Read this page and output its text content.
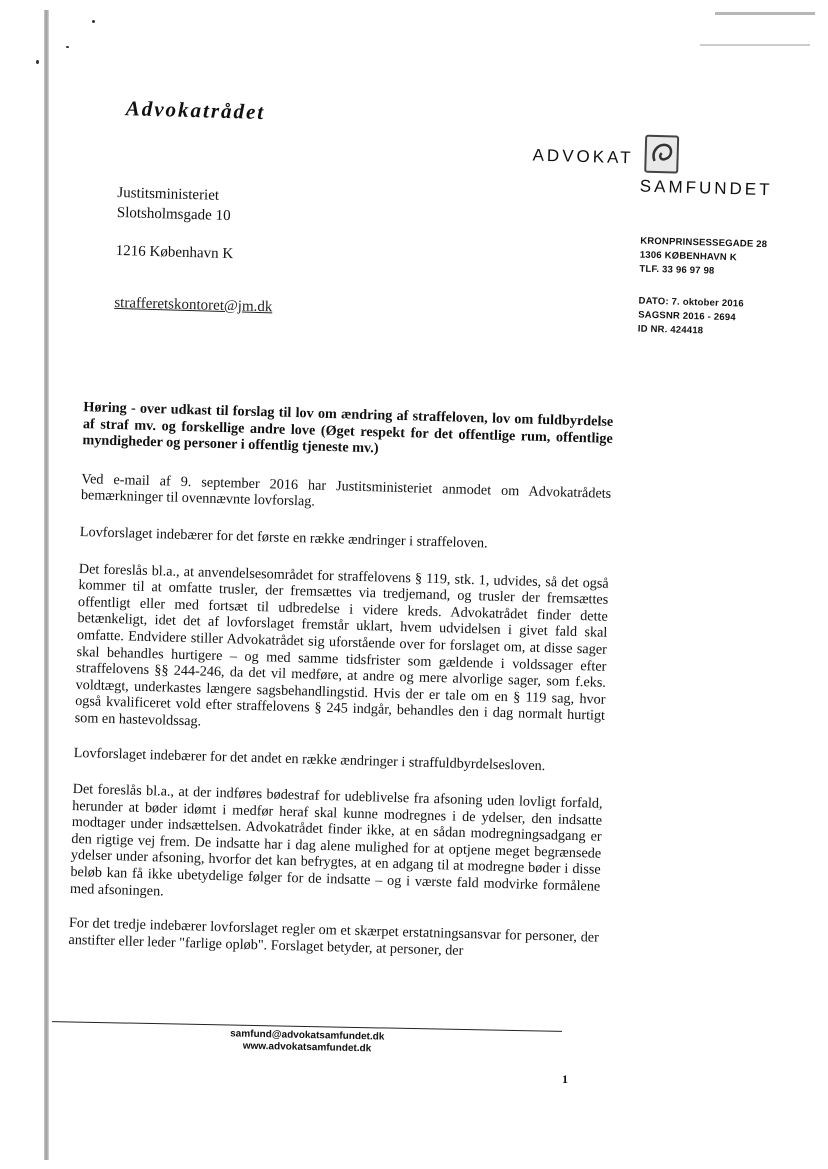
Advokatrådet
ADVOKAT
SAMFUNDET
Justitsministeriet
Slotsholmsgade 10
1216 København K
strafferetskontoret@jm.dk
KRONPRINSESSEGADE 28
1306 KØBENHAVN K
TLF. 33 96 97 98
DATO: 7. oktober 2016
SAGSNR 2016 - 2694
ID NR. 424418

Høring - over udkast til forslag til lov om ændring af straffeloven, lov om fuldbyrdelse af straf mv. og forskellige andre love (Øget respekt for det offentlige rum, offentlige myndigheder og personer i offentlig tjeneste mv.)

Ved e-mail af 9. september 2016 har Justitsministeriet anmodet om Advokatrådets bemærkninger til ovennævnte lovforslag.

Lovforslaget indebærer for det første en række ændringer i straffeloven.

Det foreslås bl.a., at anvendelsesområdet for straffelovens § 119, stk. 1, udvides, så det også kommer til at omfatte trusler, der fremsættes via tredjemand, og trusler der fremsættes offentligt eller med fortsæt til udbredelse i videre kreds. Advokatrådet finder dette betænkeligt, idet det af lovforslaget fremstår uklart, hvem udvidelsen i givet fald skal omfatte. Endvidere stiller Advokatrådet sig uforstående over for forslaget om, at disse sager skal behandles hurtigere – og med samme tidsfrister som gældende i voldssager efter straffelovens §§ 244-246, da det vil medføre, at andre og mere alvorlige sager, som f.eks. voldtægt, underkastes længere sagsbehandlingstid. Hvis der er tale om en § 119 sag, hvor også kvalificeret vold efter straffelovens § 245 indgår, behandles den i dag normalt hurtigt som en hastevoldssag.

Lovforslaget indebærer for det andet en række ændringer i straffuldbyrdelsesloven.

Det foreslås bl.a., at der indføres bødestraf for udeblivelse fra afsoning uden lovligt forfald, herunder at bøder idømt i medfør heraf skal kunne modregnes i de ydelser, den indsatte modtager under indsættelsen. Advokatrådet finder ikke, at en sådan modregningsadgang er den rigtige vej frem. De indsatte har i dag alene mulighed for at optjene meget begrænsede ydelser under afsoning, hvorfor det kan befrygtes, at en adgang til at modregne bøder i disse beløb kan få ikke ubetydelige følger for de indsatte – og i værste fald modvirke formålene med afsoningen.

For det tredje indebærer lovforslaget regler om et skærpet erstatningsansvar for personer, der anstifter eller leder "farlige opløb". Forslaget betyder, at personer, der

samfund@advokatsamfundet.dk
www.advokatsamfundet.dk
1
